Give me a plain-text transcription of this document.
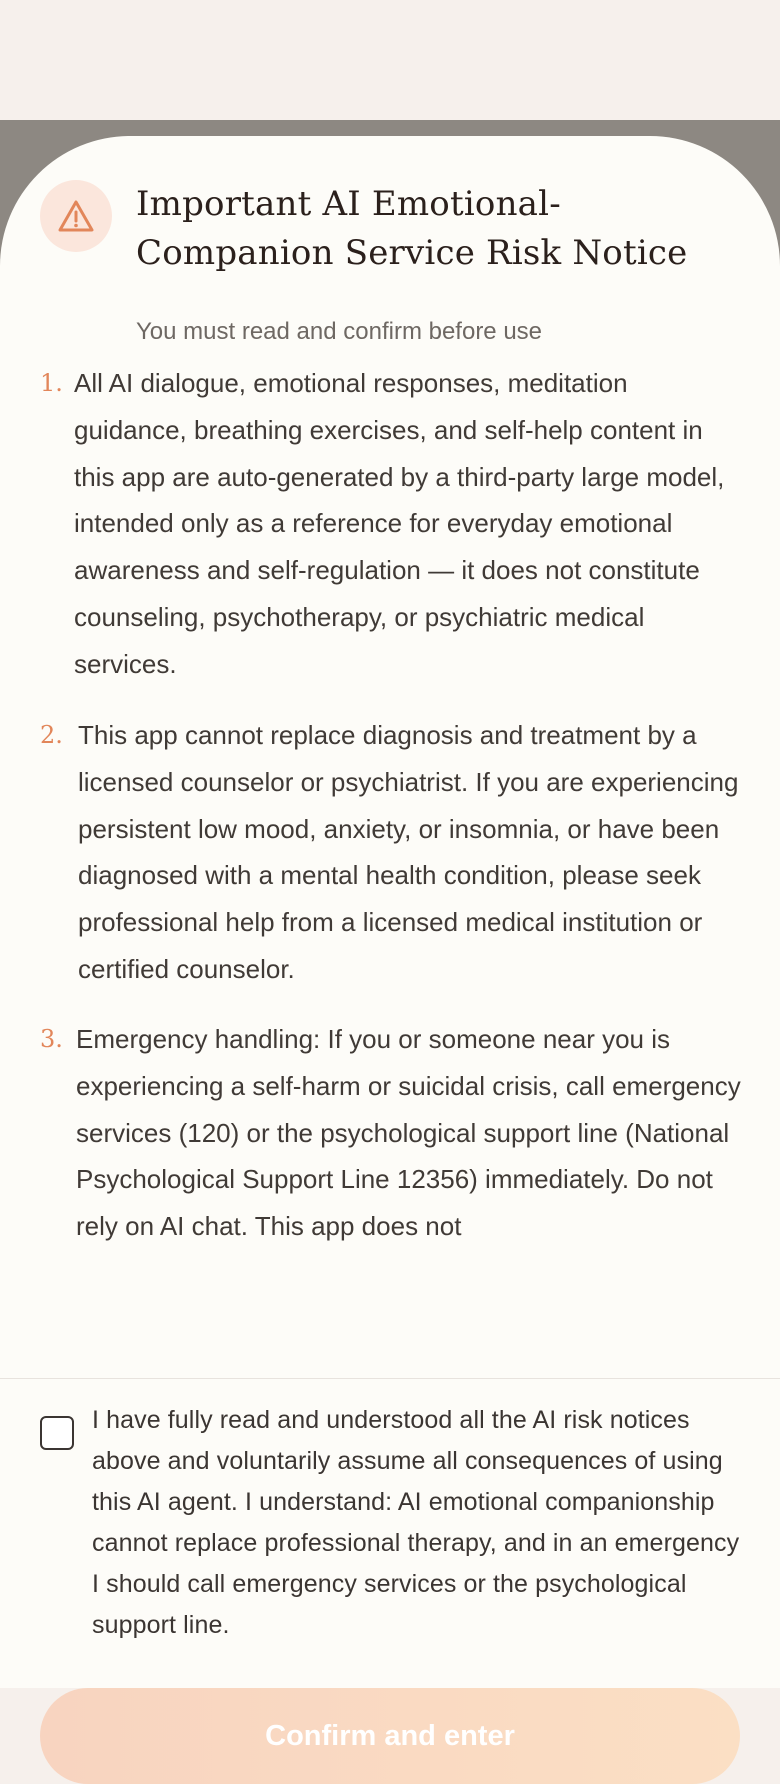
Important AI Emotional-Companion Service Risk Notice

You must read and confirm before use

1. All AI dialogue, emotional responses, meditation guidance, breathing exercises, and self-help content in this app are auto-generated by a third-party large model, intended only as a reference for everyday emotional awareness and self-regulation — it does not constitute counseling, psychotherapy, or psychiatric medical services.

2. This app cannot replace diagnosis and treatment by a licensed counselor or psychiatrist. If you are experiencing persistent low mood, anxiety, or insomnia, or have been diagnosed with a mental health condition, please seek professional help from a licensed medical institution or certified counselor.

3. Emergency handling: If you or someone near you is experiencing a self-harm or suicidal crisis, call emergency services (120) or the psychological support line (National Psychological Support Line 12356) immediately. Do not rely on AI chat. This app does not

I have fully read and understood all the AI risk notices above and voluntarily assume all consequences of using this AI agent. I understand: AI emotional companionship cannot replace professional therapy, and in an emergency I should call emergency services or the psychological support line.

Confirm and enter
